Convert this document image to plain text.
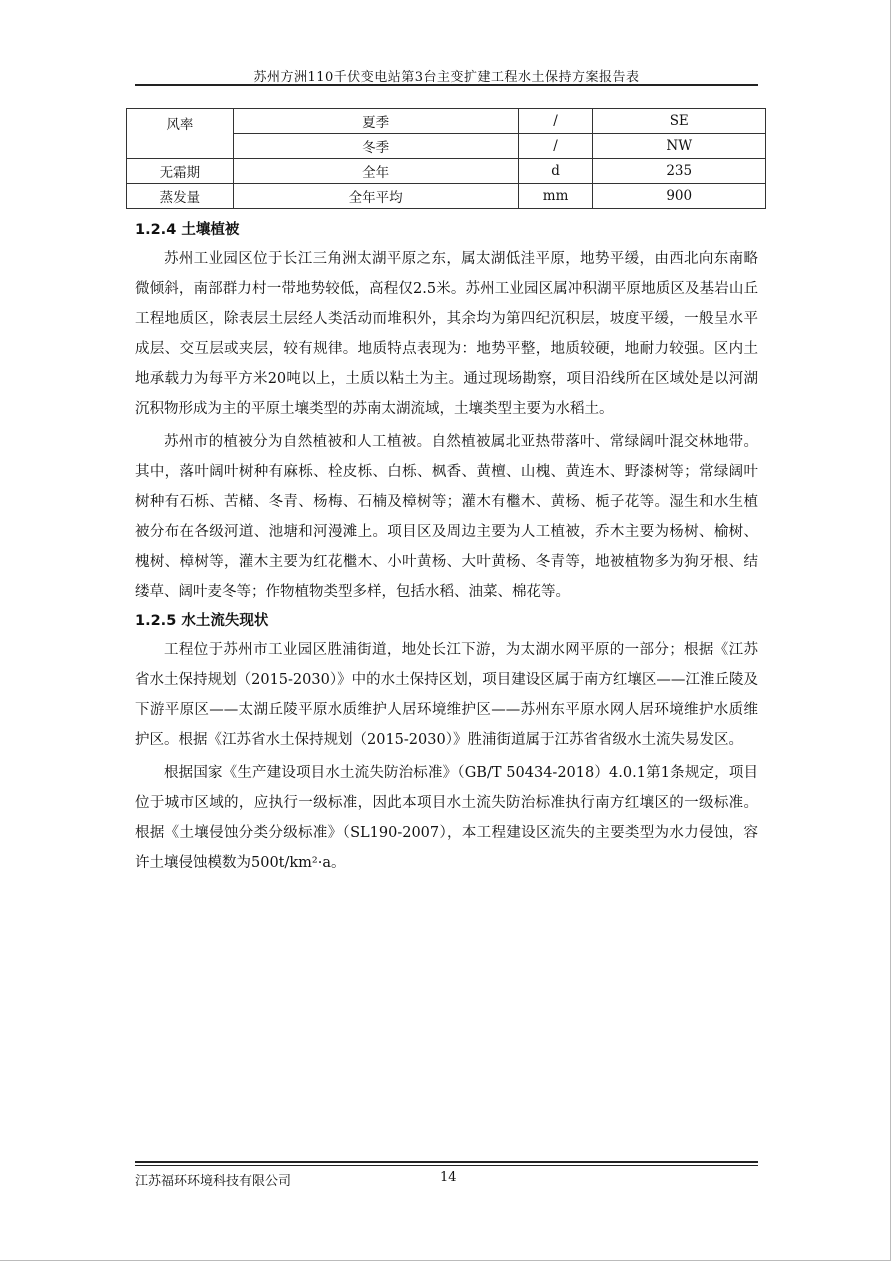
苏州方洲110千伏变电站第3台主变扩建工程水土保持方案报告表
风率	夏季	/	SE
	冬季	/	NW
无霜期	全年	d	235
蒸发量	全年平均	mm	900
1.2.4 土壤植被

苏州工业园区位于长江三角洲太湖平原之东，属太湖低洼平原，地势平缓，由西北向东南略微倾斜，南部群力村一带地势较低，高程仅2.5米。苏州工业园区属冲积湖平原地质区及基岩山丘工程地质区，除表层土层经人类活动而堆积外，其余均为第四纪沉积层，坡度平缓，一般呈水平成层、交互层或夹层，较有规律。地质特点表现为：地势平整，地质较硬，地耐力较强。区内土地承载力为每平方米20吨以上，土质以粘土为主。通过现场勘察，项目沿线所在区域处是以河湖沉积物形成为主的平原土壤类型的苏南太湖流域，土壤类型主要为水稻土。

苏州市的植被分为自然植被和人工植被。自然植被属北亚热带落叶、常绿阔叶混交林地带。其中，落叶阔叶树种有麻栎、栓皮栎、白栎、枫香、黄檀、山槐、黄连木、野漆树等；常绿阔叶树种有石栎、苦槠、冬青、杨梅、石楠及樟树等；灌木有檵木、黄杨、栀子花等。湿生和水生植被分布在各级河道、池塘和河漫滩上。项目区及周边主要为人工植被，乔木主要为杨树、榆树、槐树、樟树等，灌木主要为红花檵木、小叶黄杨、大叶黄杨、冬青等，地被植物多为狗牙根、结缕草、阔叶麦冬等；作物植物类型多样，包括水稻、油菜、棉花等。

1.2.5 水土流失现状

工程位于苏州市工业园区胜浦街道，地处长江下游，为太湖水网平原的一部分；根据《江苏省水土保持规划（2015-2030）》中的水土保持区划，项目建设区属于南方红壤区——江淮丘陵及下游平原区——太湖丘陵平原水质维护人居环境维护区——苏州东平原水网人居环境维护水质维护区。根据《江苏省水土保持规划（2015-2030）》胜浦街道属于江苏省省级水土流失易发区。

根据国家《生产建设项目水土流失防治标准》（GB/T 50434-2018）4.0.1第1条规定，项目位于城市区域的，应执行一级标准，因此本项目水土流失防治标准执行南方红壤区的一级标准。根据《土壤侵蚀分类分级标准》（SL190-2007），本工程建设区流失的主要类型为水力侵蚀，容许土壤侵蚀模数为500t/km²·a。

江苏福环环境科技有限公司	14
